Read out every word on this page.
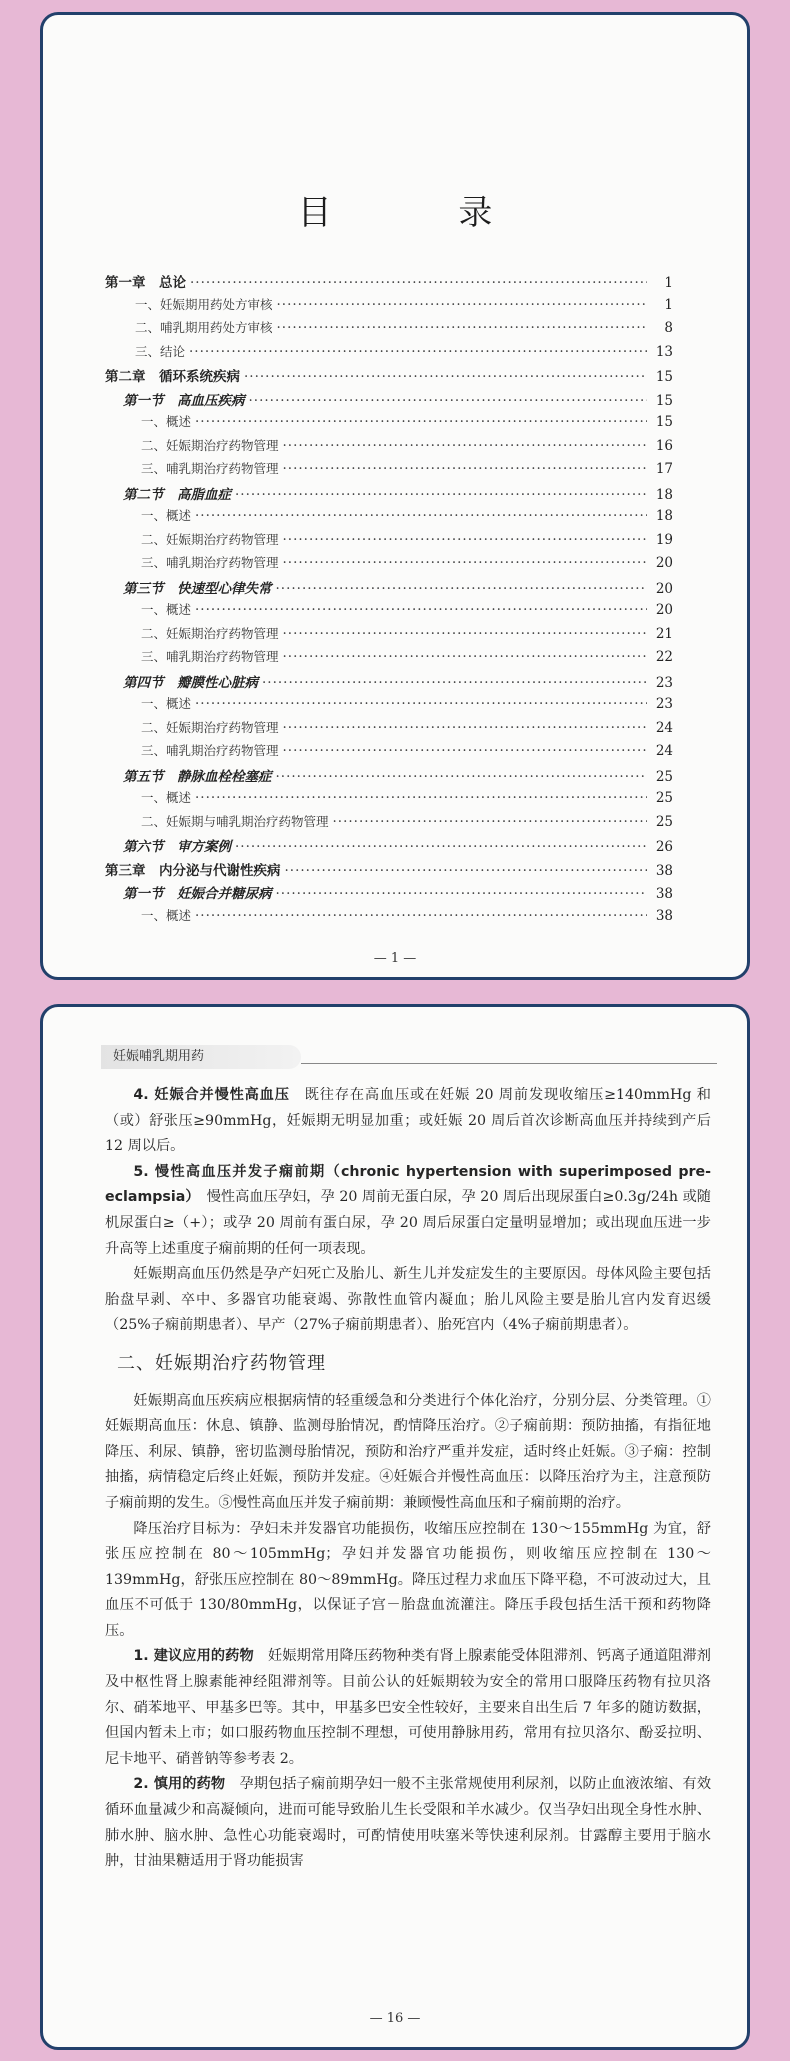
目 录
第一章　总论 ·····	1
一、妊娠期用药处方审核 ·····	1
二、哺乳期用药处方审核 ·····	8
三、结论 ·····	13
第二章　循环系统疾病 ·····	15
第一节　高血压疾病 ·····	15
一、概述 ·····	15
二、妊娠期治疗药物管理 ·····	16
三、哺乳期治疗药物管理 ·····	17
第二节　高脂血症 ·····	18
一、概述 ·····	18
二、妊娠期治疗药物管理 ·····	19
三、哺乳期治疗药物管理 ·····	20
第三节　快速型心律失常 ·····	20
一、概述 ·····	20
二、妊娠期治疗药物管理 ·····	21
三、哺乳期治疗药物管理 ·····	22
第四节　瓣膜性心脏病 ·····	23
一、概述 ·····	23
二、妊娠期治疗药物管理 ·····	24
三、哺乳期治疗药物管理 ·····	24
第五节　静脉血栓栓塞症 ·····	25
一、概述 ·····	25
二、妊娠期与哺乳期治疗药物管理 ·····	25
第六节　审方案例 ·····	26
第三章　内分泌与代谢性疾病 ·····	38
第一节　妊娠合并糖尿病 ·····	38
一、概述 ·····	38
— 1 —
妊娠哺乳期用药

4. 妊娠合并慢性高血压　既往存在高血压或在妊娠 20 周前发现收缩压≥140mmHg 和（或）舒张压≥90mmHg，妊娠期无明显加重；或妊娠 20 周后首次诊断高血压并持续到产后 12 周以后。

5. 慢性高血压并发子痫前期（chronic hypertension with superimposed pre-eclampsia）　慢性高血压孕妇，孕 20 周前无蛋白尿，孕 20 周后出现尿蛋白≥0.3g/24h 或随机尿蛋白≥（+）；或孕 20 周前有蛋白尿，孕 20 周后尿蛋白定量明显增加；或出现血压进一步升高等上述重度子痫前期的任何一项表现。

妊娠期高血压仍然是孕产妇死亡及胎儿、新生儿并发症发生的主要原因。母体风险主要包括胎盘早剥、卒中、多器官功能衰竭、弥散性血管内凝血；胎儿风险主要是胎儿宫内发育迟缓（25%子痫前期患者）、早产（27%子痫前期患者）、胎死宫内（4%子痫前期患者）。

二、妊娠期治疗药物管理

妊娠期高血压疾病应根据病情的轻重缓急和分类进行个体化治疗，分别分层、分类管理。①妊娠期高血压：休息、镇静、监测母胎情况，酌情降压治疗。②子痫前期：预防抽搐，有指征地降压、利尿、镇静，密切监测母胎情况，预防和治疗严重并发症，适时终止妊娠。③子痫：控制抽搐，病情稳定后终止妊娠，预防并发症。④妊娠合并慢性高血压：以降压治疗为主，注意预防子痫前期的发生。⑤慢性高血压并发子痫前期：兼顾慢性高血压和子痫前期的治疗。

降压治疗目标为：孕妇未并发器官功能损伤，收缩压应控制在 130～155mmHg 为宜，舒张压应控制在 80～105mmHg；孕妇并发器官功能损伤，则收缩压应控制在 130～139mmHg，舒张压应控制在 80～89mmHg。降压过程力求血压下降平稳，不可波动过大，且血压不可低于 130/80mmHg，以保证子宫－胎盘血流灌注。降压手段包括生活干预和药物降压。

1. 建议应用的药物　妊娠期常用降压药物种类有肾上腺素能受体阻滞剂、钙离子通道阻滞剂及中枢性肾上腺素能神经阻滞剂等。目前公认的妊娠期较为安全的常用口服降压药物有拉贝洛尔、硝苯地平、甲基多巴等。其中，甲基多巴安全性较好，主要来自出生后 7 年多的随访数据，但国内暂未上市；如口服药物血压控制不理想，可使用静脉用药，常用有拉贝洛尔、酚妥拉明、尼卡地平、硝普钠等参考表 2。

2. 慎用的药物　孕期包括子痫前期孕妇一般不主张常规使用利尿剂，以防止血液浓缩、有效循环血量减少和高凝倾向，进而可能导致胎儿生长受限和羊水减少。仅当孕妇出现全身性水肿、肺水肿、脑水肿、急性心功能衰竭时，可酌情使用呋塞米等快速利尿剂。甘露醇主要用于脑水肿，甘油果糖适用于肾功能损害

— 16 —
